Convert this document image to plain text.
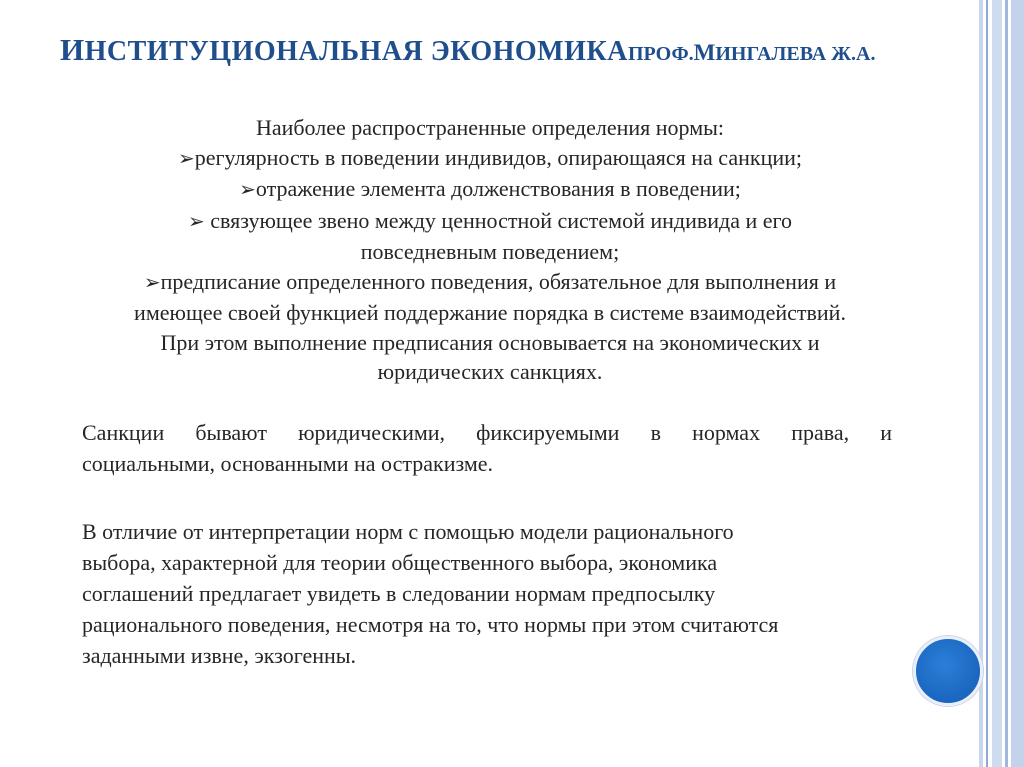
ИНСТИТУЦИОНАЛЬНАЯ ЭКОНОМИКА ПРОФ.МИНГАЛЕВА Ж.А.
Наиболее распространенные определения нормы:
➢регулярность в поведении индивидов, опирающаяся на санкции;
➢отражение элемента долженствования в поведении;
➢ связующее звено между ценностной системой индивида и его
повседневным поведением;
➢предписание определенного поведения, обязательное для выполнения и
имеющее своей функцией поддержание порядка в системе взаимодействий.
При этом выполнение предписания основывается на экономических и
юридических санкциях.
Санкции бывают юридическими, фиксируемыми в нормах права, и
социальными, основанными на остракизме.
В отличие от интерпретации норм с помощью модели рационального
выбора, характерной для теории общественного выбора, экономика
соглашений предлагает увидеть в следовании нормам предпосылку
рационального поведения, несмотря на то, что нормы при этом считаются
заданными извне, экзогенны.
